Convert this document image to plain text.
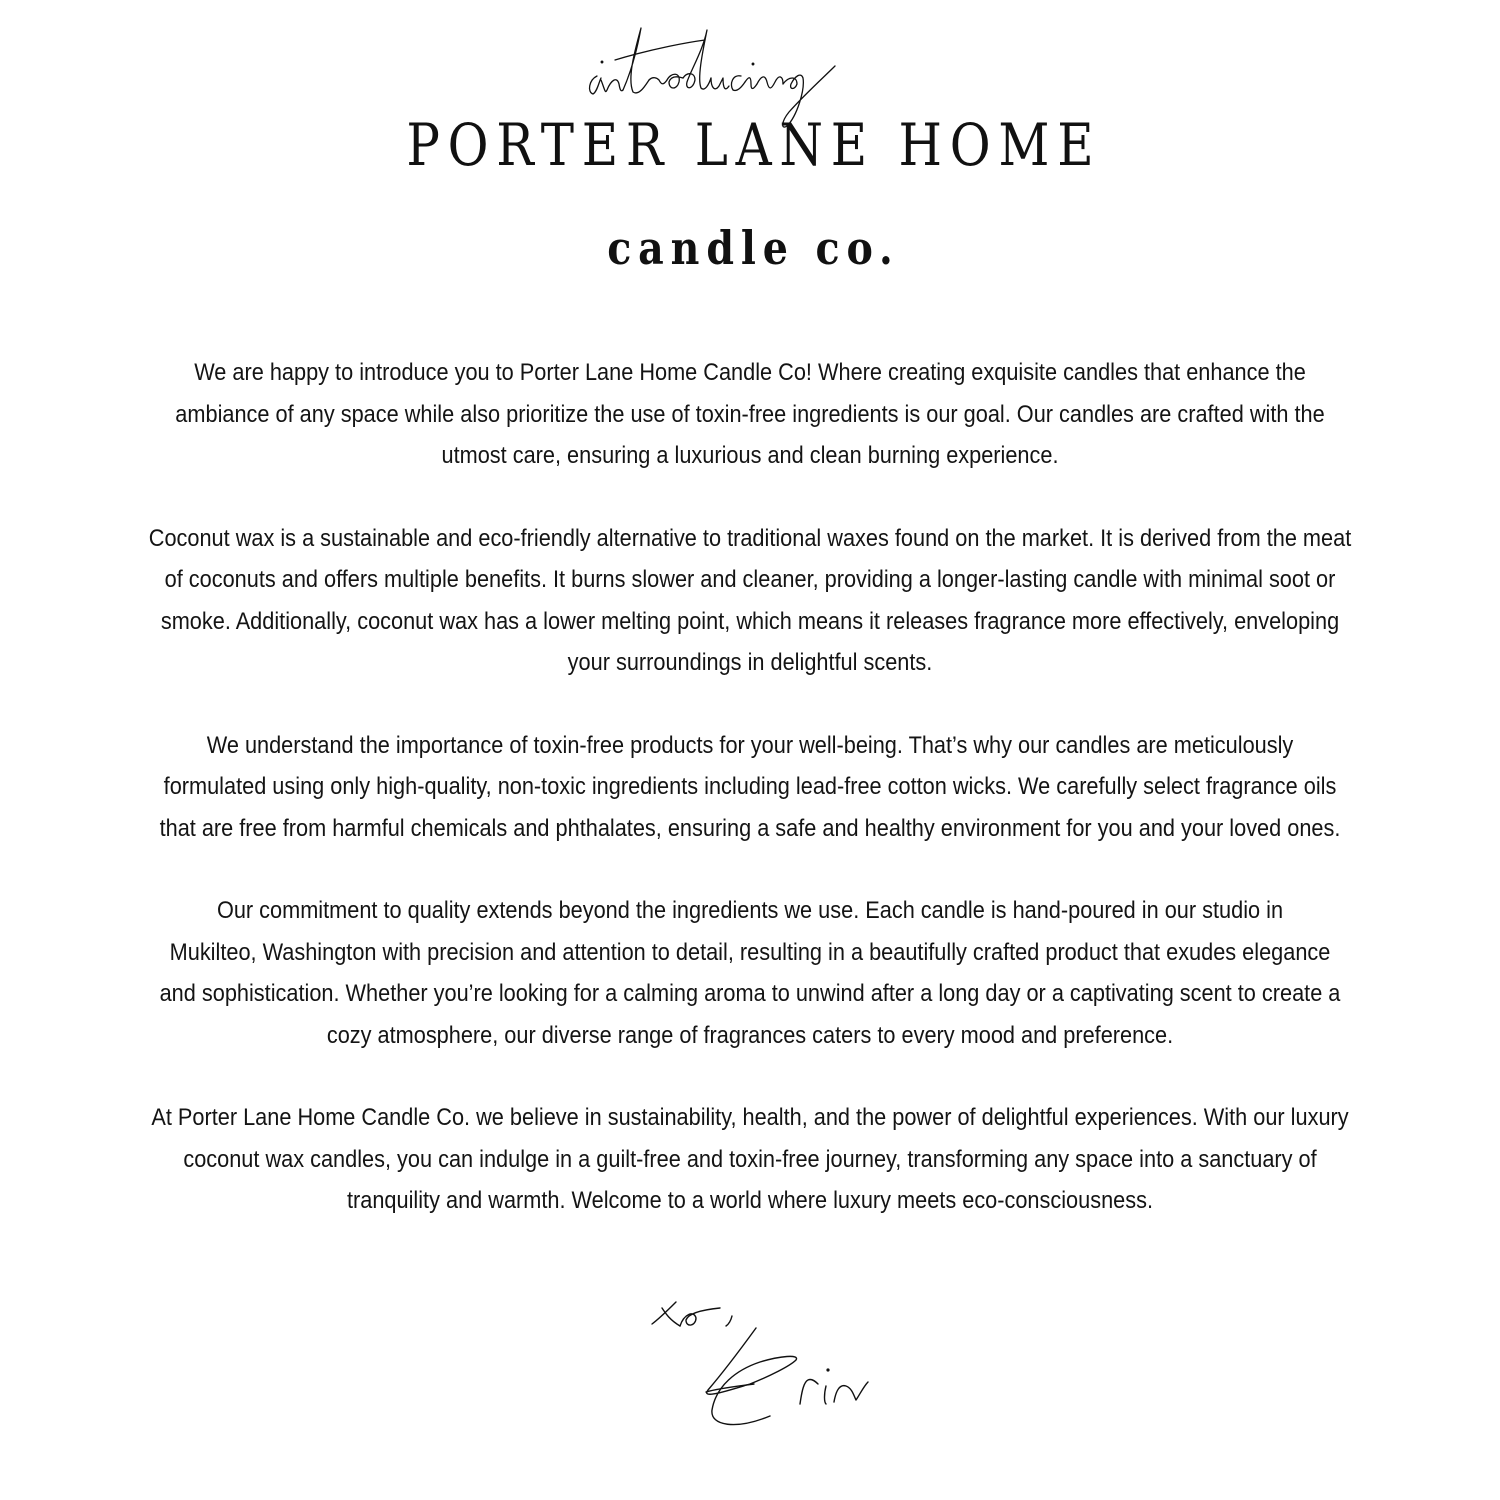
PORTER LANE HOME
candle co.

We are happy to introduce you to Porter Lane Home Candle Co! Where creating exquisite candles that enhance the
ambiance of any space while also prioritize the use of toxin-free ingredients is our goal. Our candles are crafted with the
utmost care, ensuring a luxurious and clean burning experience.

Coconut wax is a sustainable and eco-friendly alternative to traditional waxes found on the market. It is derived from the meat
of coconuts and offers multiple benefits. It burns slower and cleaner, providing a longer-lasting candle with minimal soot or
smoke. Additionally, coconut wax has a lower melting point, which means it releases fragrance more effectively, enveloping
your surroundings in delightful scents.

We understand the importance of toxin-free products for your well-being. That’s why our candles are meticulously
formulated using only high-quality, non-toxic ingredients including lead-free cotton wicks. We carefully select fragrance oils
that are free from harmful chemicals and phthalates, ensuring a safe and healthy environment for you and your loved ones.

Our commitment to quality extends beyond the ingredients we use. Each candle is hand-poured in our studio in
Mukilteo, Washington with precision and attention to detail, resulting in a beautifully crafted product that exudes elegance
and sophistication. Whether you’re looking for a calming aroma to unwind after a long day or a captivating scent to create a
cozy atmosphere, our diverse range of fragrances caters to every mood and preference.

At Porter Lane Home Candle Co. we believe in sustainability, health, and the power of delightful experiences. With our luxury
coconut wax candles, you can indulge in a guilt-free and toxin-free journey, transforming any space into a sanctuary of
tranquility and warmth. Welcome to a world where luxury meets eco-consciousness.
